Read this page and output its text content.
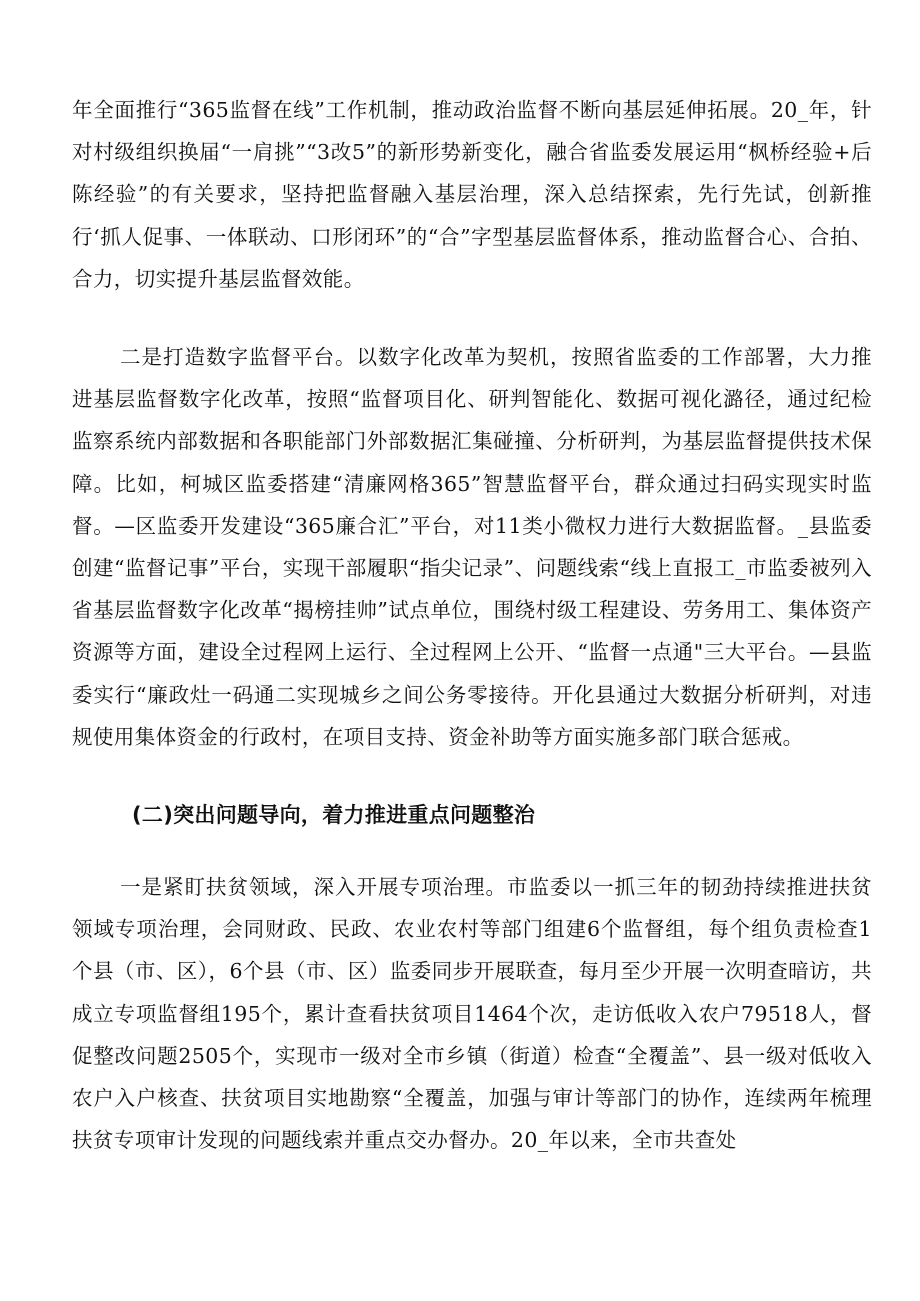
年全面推行“365监督在线”工作机制，推动政治监督不断向基层延伸拓展。20_年，针对村级组织换届“一肩挑”“3改5”的新形势新变化，融合省监委发展运用“枫桥经验+后陈经验”的有关要求，坚持把监督融入基层治理，深入总结探索，先行先试，创新推行‘抓人促事、一体联动、口形闭环”的“合”字型基层监督体系，推动监督合心、合拍、合力，切实提升基层监督效能。

二是打造数字监督平台。以数字化改革为契机，按照省监委的工作部署，大力推进基层监督数字化改革，按照“监督项目化、研判智能化、数据可视化潞径，通过纪检监察系统内部数据和各职能部门外部数据汇集碰撞、分析研判，为基层监督提供技术保障。比如，柯城区监委搭建“清廉网格365”智慧监督平台，群众通过扫码实现实时监督。—区监委开发建设“365廉合汇”平台，对11类小微权力进行大数据监督。_县监委创建“监督记事”平台，实现干部履职“指尖记录”、问题线索“线上直报工_市监委被列入省基层监督数字化改革“揭榜挂帅”试点单位，围绕村级工程建设、劳务用工、集体资产资源等方面，建设全过程网上运行、全过程网上公开、“监督一点通"三大平台。—县监委实行“廉政灶一码通二实现城乡之间公务零接待。开化县通过大数据分析研判，对违规使用集体资金的行政村，在项目支持、资金补助等方面实施多部门联合惩戒。

(二)突出问题导向，着力推进重点问题整治

一是紧盯扶贫领域，深入开展专项治理。市监委以一抓三年的韧劲持续推进扶贫领域专项治理，会同财政、民政、农业农村等部门组建6个监督组，每个组负责检查1个县（市、区），6个县（市、区）监委同步开展联查，每月至少开展一次明查暗访，共成立专项监督组195个，累计查看扶贫项目1464个次，走访低收入农户79518人，督促整改问题2505个，实现市一级对全市乡镇（街道）检查“全覆盖”、县一级对低收入农户入户核查、扶贫项目实地勘察“全覆盖，加强与审计等部门的协作，连续两年梳理扶贫专项审计发现的问题线索并重点交办督办。20_年以来，全市共查处
